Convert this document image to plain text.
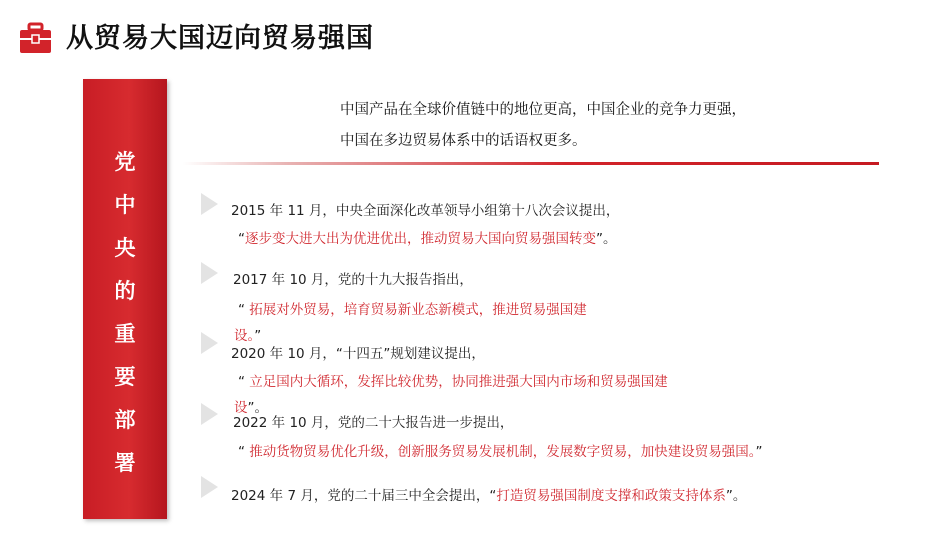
从贸易大国迈向贸易强国
党
中
央
的
重
要
部
署
中国产品在全球价值链中的地位更高，中国企业的竞争力更强，
中国在多边贸易体系中的话语权更多。
2015 年 11 月，中央全面深化改革领导小组第十八次会议提出，
“逐步变大进大出为优进优出，推动贸易大国向贸易强国转变”。
2017 年 10 月，党的十九大报告指出，
“ 拓展对外贸易，培育贸易新业态新模式，推进贸易强国建
设。”
2020 年 10 月，“十四五”规划建议提出，
“ 立足国内大循环，发挥比较优势，协同推进强大国内市场和贸易强国建
设”。
2022 年 10 月，党的二十大报告进一步提出，
“ 推动货物贸易优化升级，创新服务贸易发展机制，发展数字贸易，加快建设贸易强国。”
2024 年 7 月，党的二十届三中全会提出，“打造贸易强国制度支撑和政策支持体系”。
